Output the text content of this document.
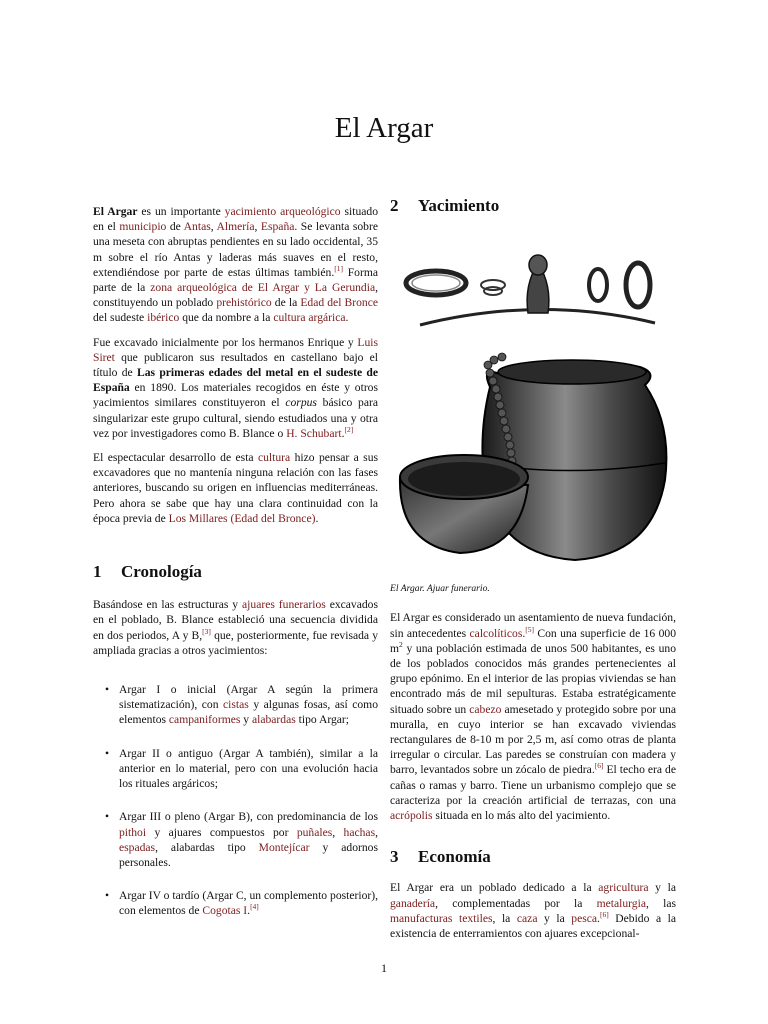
El Argar

El Argar es un importante yacimiento arqueológico situado en el municipio de Antas, Almería, España. Se levanta sobre una meseta con abruptas pendientes en su lado occidental, 35 m sobre el río Antas y laderas más suaves en el resto, extendiéndose por parte de estas últimas también.[1] Forma parte de la zona arqueológica de El Argar y La Gerundia, constituyendo un poblado prehistórico de la Edad del Bronce del sudeste ibérico que da nombre a la cultura argárica.

Fue excavado inicialmente por los hermanos Enrique y Luis Siret que publicaron sus resultados en castellano bajo el título de Las primeras edades del metal en el sudeste de España en 1890. Los materiales recogidos en éste y otros yacimientos similares constituyeron el corpus básico para singularizar este grupo cultural, siendo estudiados una y otra vez por investigadores como B. Blance o H. Schubart.[2]

El espectacular desarrollo de esta cultura hizo pensar a sus excavadores que no mantenía ninguna relación con las fases anteriores, buscando su origen en influencias mediterráneas. Pero ahora se sabe que hay una clara continuidad con la época previa de Los Millares (Edad del Bronce).

1 Cronología

Basándose en las estructuras y ajuares funerarios excavados en el poblado, B. Blance estableció una secuencia dividida en dos periodos, A y B,[3] que, posteriormente, fue revisada y ampliada gracias a otros yacimientos:

• Argar I o inicial (Argar A según la primera sistematización), con cistas y algunas fosas, así como elementos campaniformes y alabardas tipo Argar;
• Argar II o antiguo (Argar A también), similar a la anterior en lo material, pero con una evolución hacia los rituales argáricos;
• Argar III o pleno (Argar B), con predominancia de los pithoi y ajuares compuestos por puñales, hachas, espadas, alabardas tipo Montejícar y adornos personales.
• Argar IV o tardío (Argar C, un complemento posterior), con elementos de Cogotas I.[4]
2 Yacimiento
El Argar. Ajuar funerario.

El Argar es considerado un asentamiento de nueva fundación, sin antecedentes calcolíticos.[5] Con una superficie de 16 000 $m^2$ y una población estimada de unos 500 habitantes, es uno de los poblados conocidos más grandes pertenecientes al grupo epónimo. En el interior de las propias viviendas se han encontrado más de mil sepulturas. Estaba estratégicamente situado sobre un cabezo amesetado y protegido sobre por una muralla, en cuyo interior se han excavado viviendas rectangulares de 8-10 m por 2,5 m, así como otras de planta irregular o circular. Las paredes se construían con madera y barro, levantados sobre un zócalo de piedra.[6] El techo era de cañas o ramas y barro. Tiene un urbanismo complejo que se caracteriza por la creación artificial de terrazas, con una acrópolis situada en lo más alto del yacimiento.

3 Economía

El Argar era un poblado dedicado a la agricultura y la ganadería, complementadas por la metalurgia, las manufacturas textiles, la caza y la pesca.[6] Debido a la existencia de enterramientos con ajuares excepcional-

1
